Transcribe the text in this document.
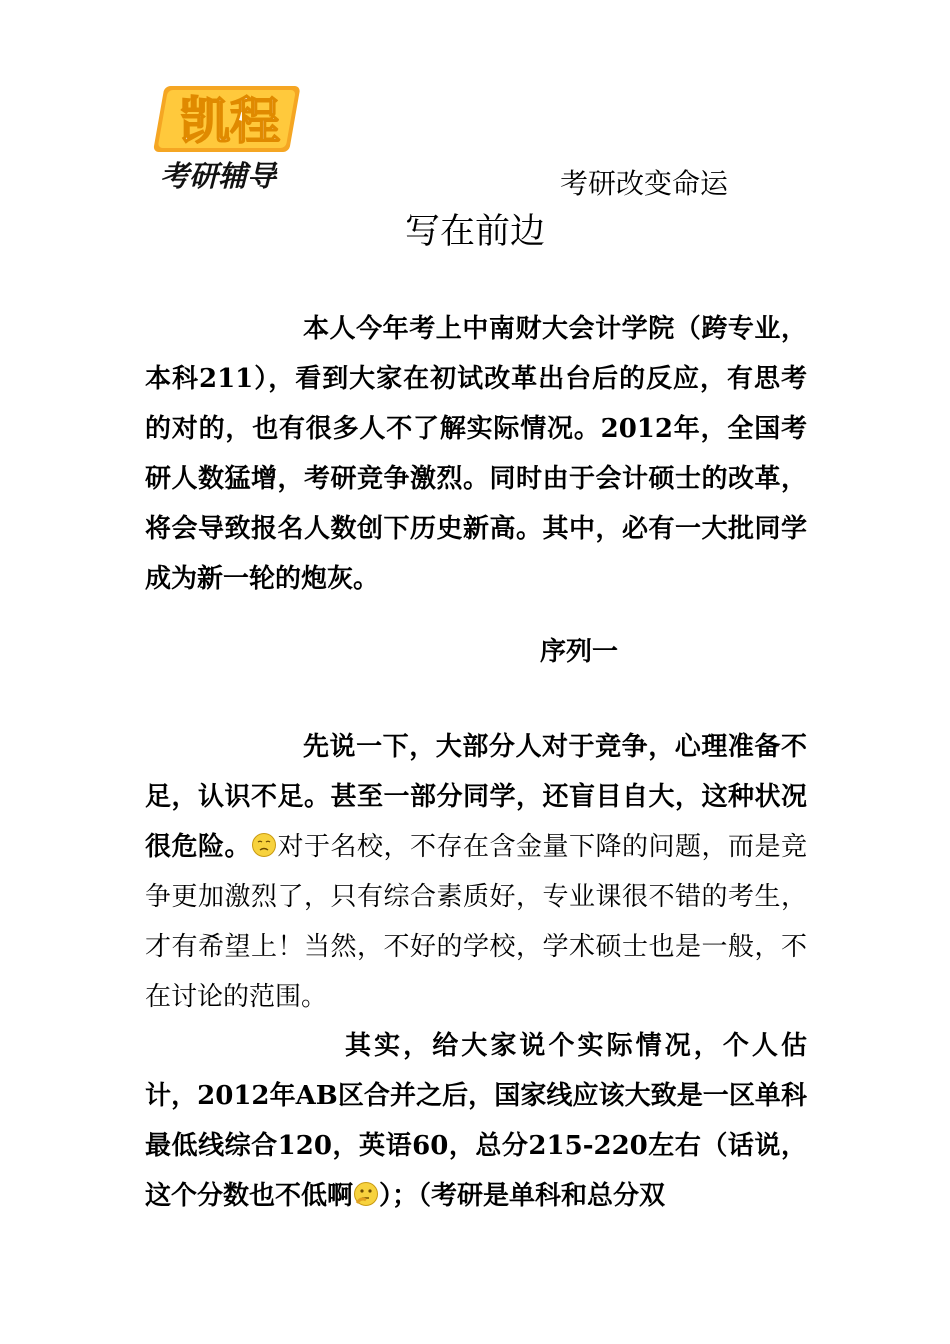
凯程
考研辅导	考研改变命运
写在前边
本人今年考上中南财大会计学院（跨专业，本科211），看到大家在初试改革出台后的反应，有思考的对的，也有很多人不了解实际情况。2012年，全国考研人数猛增，考研竞争激烈。同时由于会计硕士的改革，将会导致报名人数创下历史新高。其中，必有一大批同学成为新一轮的炮灰。
序列一
先说一下，大部分人对于竞争，心理准备不足，认识不足。甚至一部分同学，还盲目自大，这种状况很危险。 对于名校，不存在含金量下降的问题，而是竞争更加激烈了，只有综合素质好，专业课很不错的考生，才有希望上！当然，不好的学校，学术硕士也是一般，不在讨论的范围。
其实，给大家说个实际情况，个人估计，2012年AB区合并之后，国家线应该大致是一区单科最低线综合120，英语60，总分215-220左右（话说，这个分数也不低啊 ）；（考研是单科和总分双
